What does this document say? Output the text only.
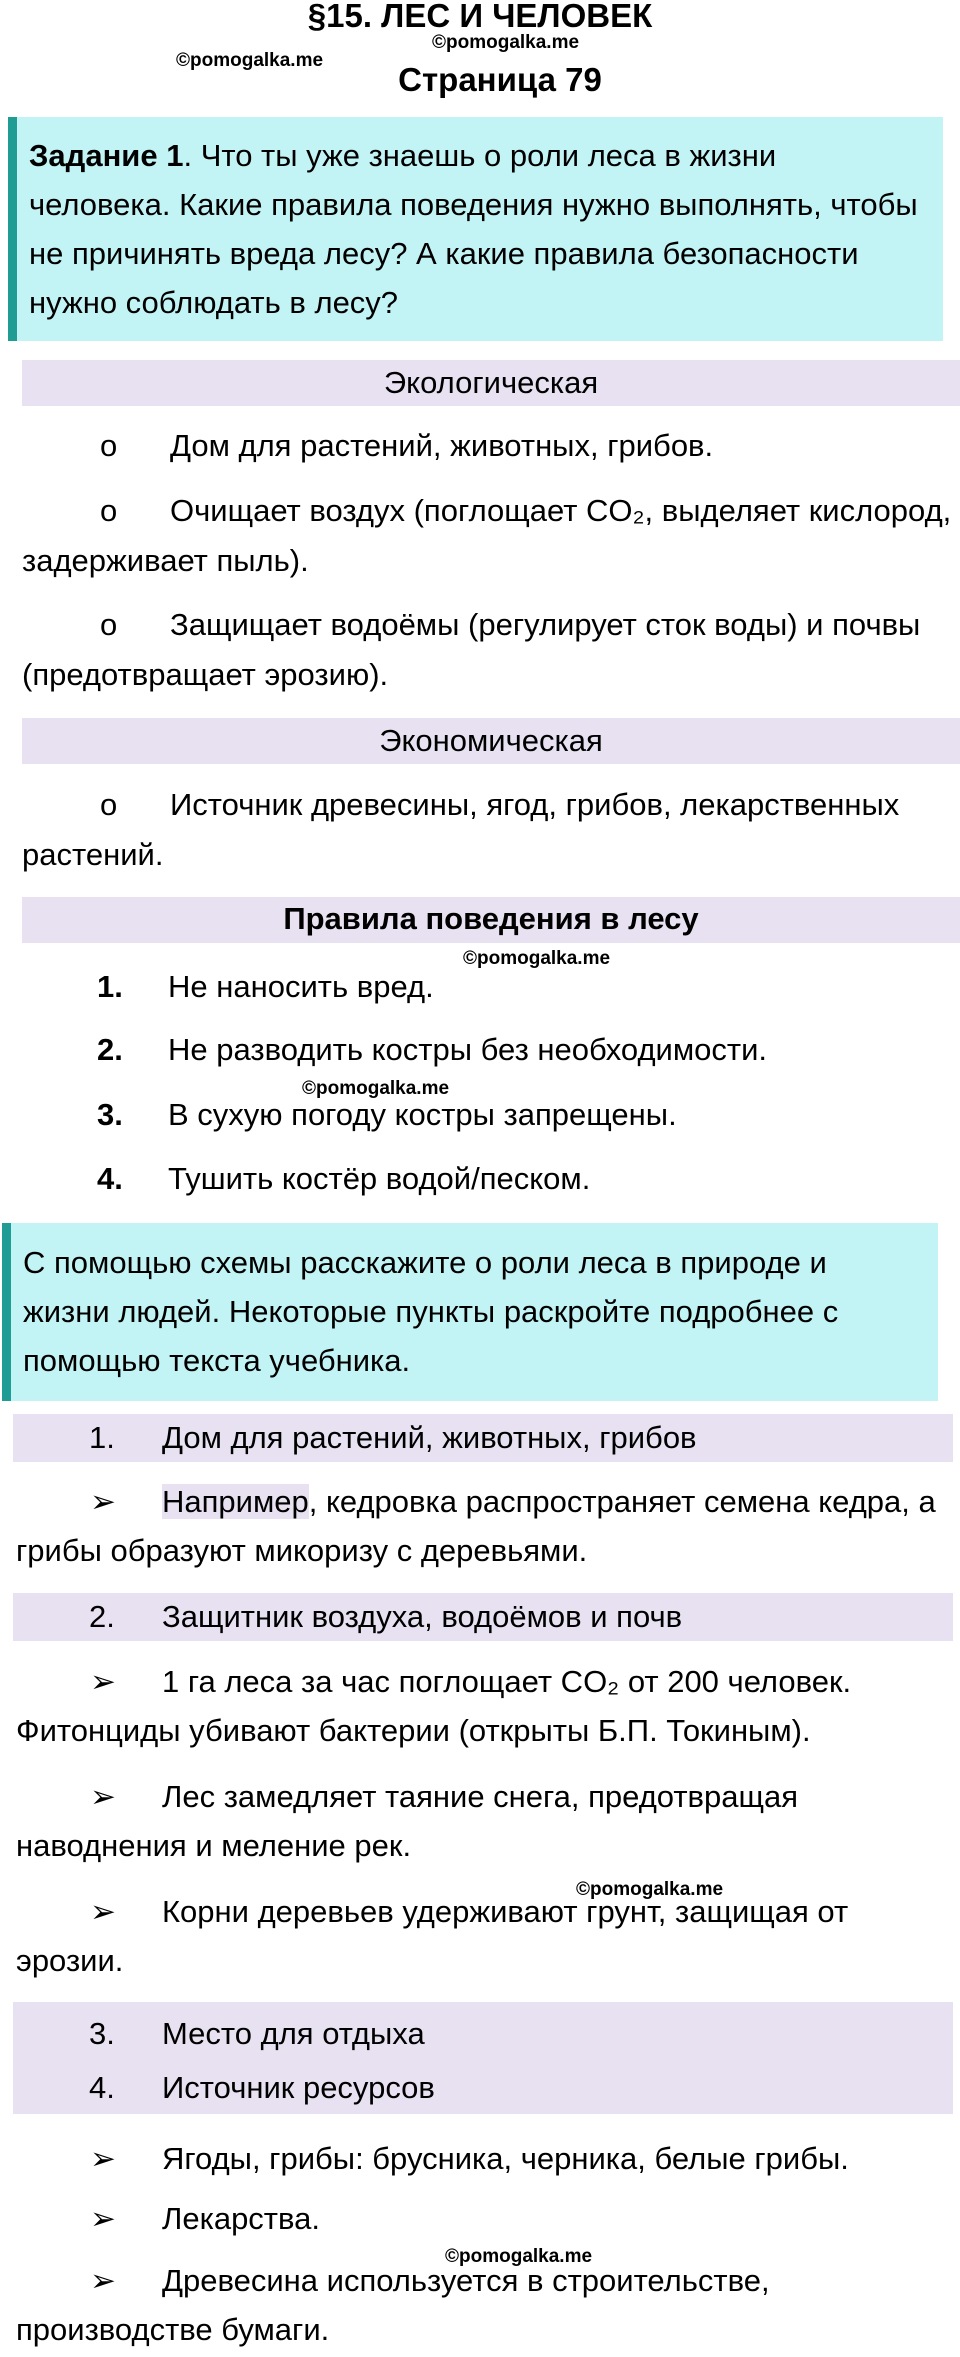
§15. ЛЕС И ЧЕЛОВЕК
©pomogalka.me
©pomogalka.me
Страница 79
Задание 1. Что ты уже знаешь о роли леса в жизни человека. Какие правила поведения нужно выполнять, чтобы не причинять вреда лесу? А какие правила безопасности нужно соблюдать в лесу?
Экологическая
o Дом для растений, животных, грибов.
o Очищает воздух (поглощает CO₂, выделяет кислород, задерживает пыль).
o Защищает водоёмы (регулирует сток воды) и почвы (предотвращает эрозию).
Экономическая
o Источник древесины, ягод, грибов, лекарственных растений.
Правила поведения в лесу
©pomogalka.me
1. Не наносить вред.
2. Не разводить костры без необходимости.
©pomogalka.me
3. В сухую погоду костры запрещены.
4. Тушить костёр водой/песком.
С помощью схемы расскажите о роли леса в природе и жизни людей. Некоторые пункты раскройте подробнее с помощью текста учебника.
1. Дом для растений, животных, грибов
➢ Например, кедровка распространяет семена кедра, а грибы образуют микоризу с деревьями.
2. Защитник воздуха, водоёмов и почв
➢ 1 га леса за час поглощает CO₂ от 200 человек. Фитонциды убивают бактерии (открыты Б.П. Токиным).
➢ Лес замедляет таяние снега, предотвращая наводнения и меление рек.
©pomogalka.me
➢ Корни деревьев удерживают грунт, защищая от эрозии.
3. Место для отдыха
4. Источник ресурсов
➢ Ягоды, грибы: брусника, черника, белые грибы.
➢ Лекарства.
©pomogalka.me
➢ Древесина используется в строительстве, производстве бумаги.
